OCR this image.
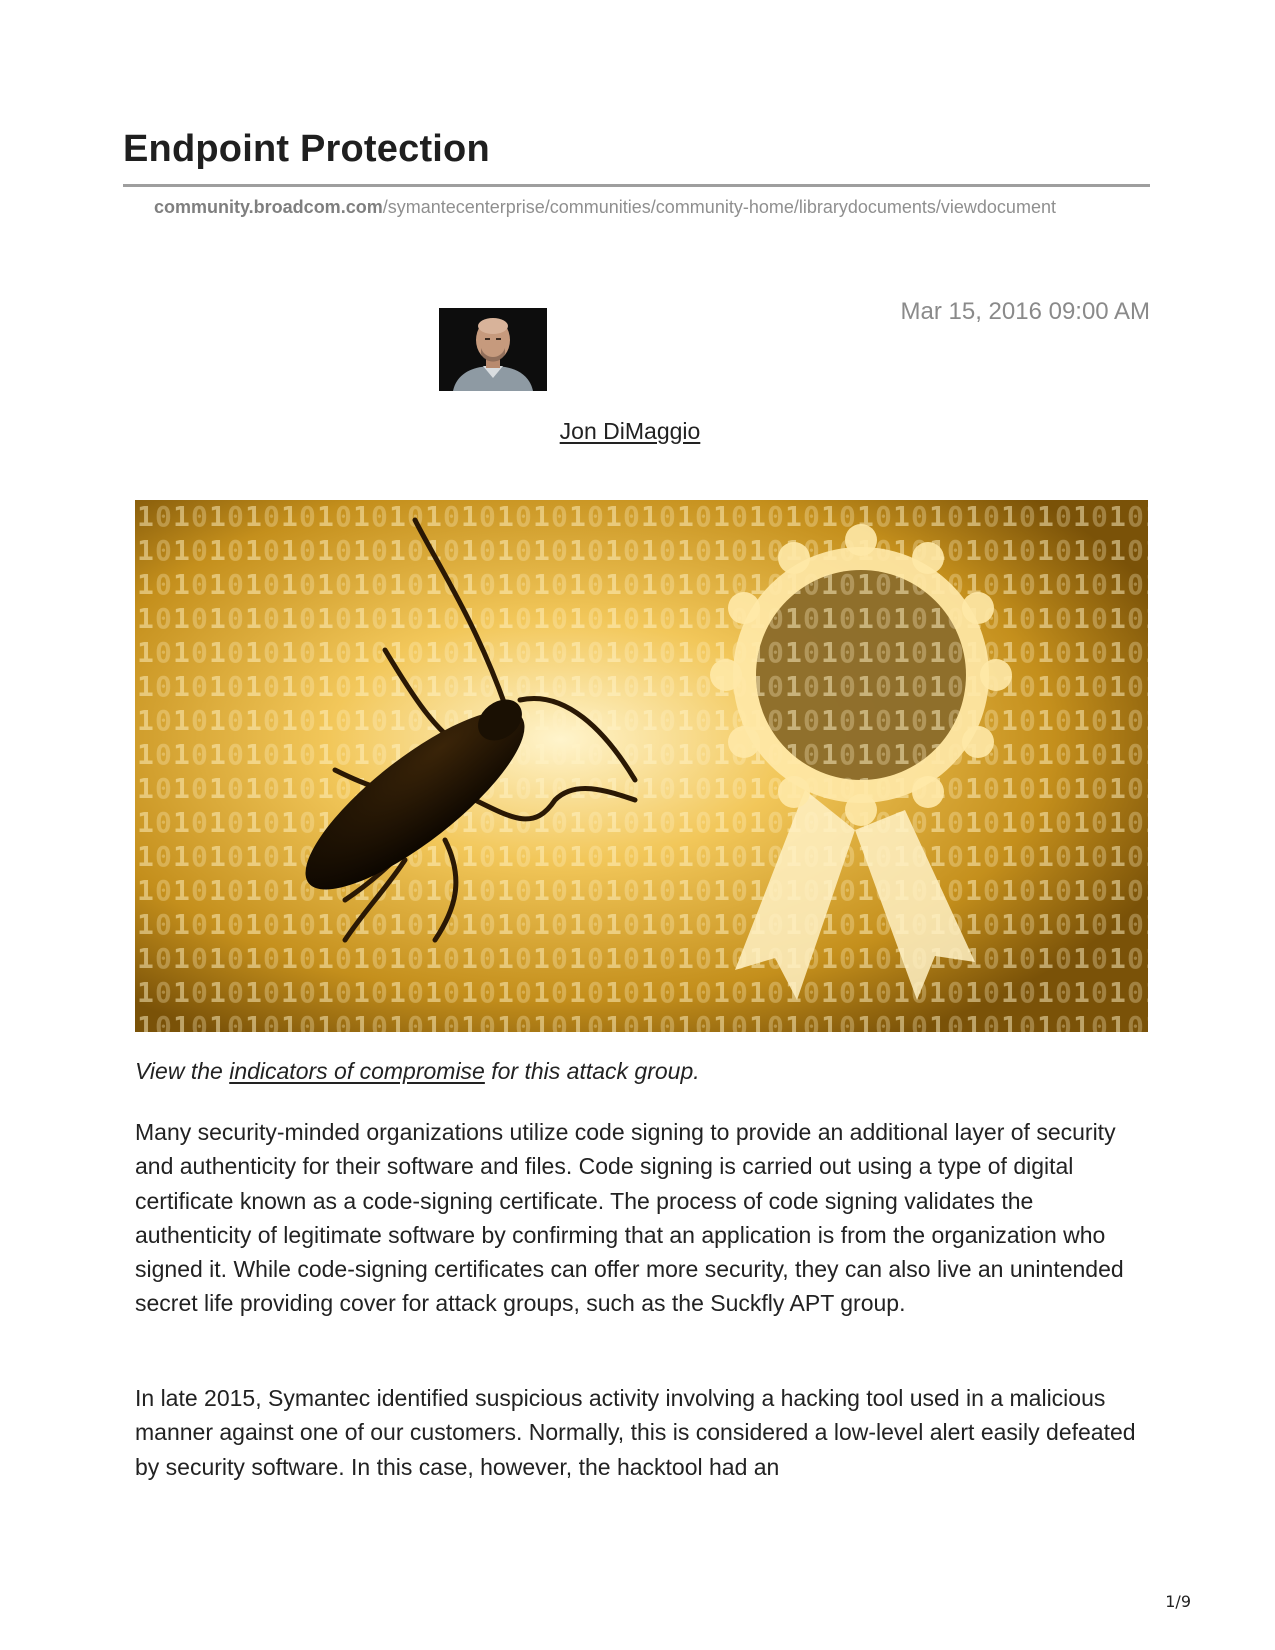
Endpoint Protection
community.broadcom.com/symantecenterprise/communities/community-home/librarydocuments/viewdocument
Mar 15, 2016 09:00 AM
Jon DiMaggio

View the indicators of compromise for this attack group.

Many security-minded organizations utilize code signing to provide an additional layer of security and authenticity for their software and files. Code signing is carried out using a type of digital certificate known as a code-signing certificate. The process of code signing validates the authenticity of legitimate software by confirming that an application is from the organization who signed it. While code-signing certificates can offer more security, they can also live an unintended secret life providing cover for attack groups, such as the Suckfly APT group.

In late 2015, Symantec identified suspicious activity involving a hacking tool used in a malicious manner against one of our customers. Normally, this is considered a low-level alert easily defeated by security software. In this case, however, the hacktool had an

1/9
